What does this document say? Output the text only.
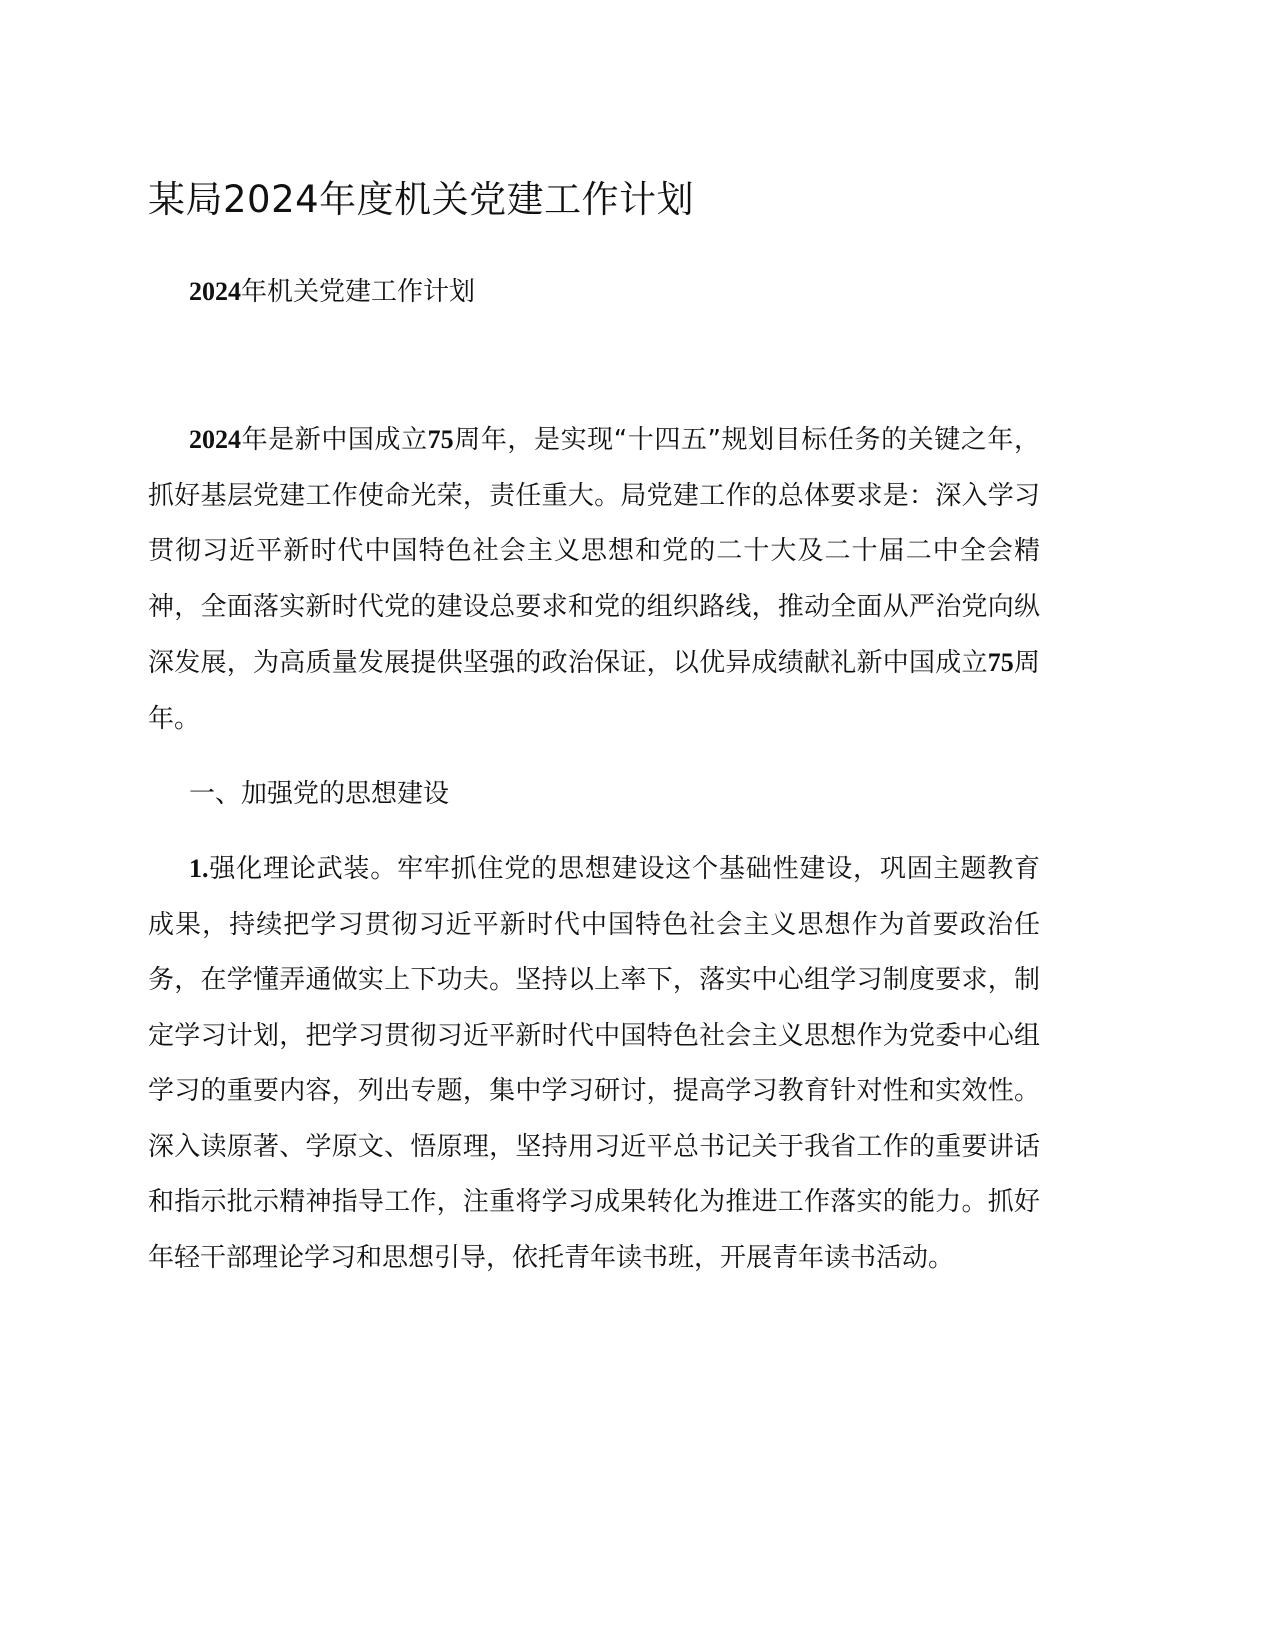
某局2024年度机关党建工作计划
2024年机关党建工作计划

2024年是新中国成立75周年，是实现“十四五”规划目标任务的关键之年，抓好基层党建工作使命光荣，责任重大。局党建工作的总体要求是：深入学习贯彻习近平新时代中国特色社会主义思想和党的二十大及二十届二中全会精神，全面落实新时代党的建设总要求和党的组织路线，推动全面从严治党向纵深发展，为高质量发展提供坚强的政治保证，以优异成绩献礼新中国成立75周年。

一、加强党的思想建设

1.强化理论武装。牢牢抓住党的思想建设这个基础性建设，巩固主题教育成果，持续把学习贯彻习近平新时代中国特色社会主义思想作为首要政治任务，在学懂弄通做实上下功夫。坚持以上率下，落实中心组学习制度要求，制定学习计划，把学习贯彻习近平新时代中国特色社会主义思想作为党委中心组学习的重要内容，列出专题，集中学习研讨，提高学习教育针对性和实效性。深入读原著、学原文、悟原理，坚持用习近平总书记关于我省工作的重要讲话和指示批示精神指导工作，注重将学习成果转化为推进工作落实的能力。抓好年轻干部理论学习和思想引导，依托青年读书班，开展青年读书活动。
